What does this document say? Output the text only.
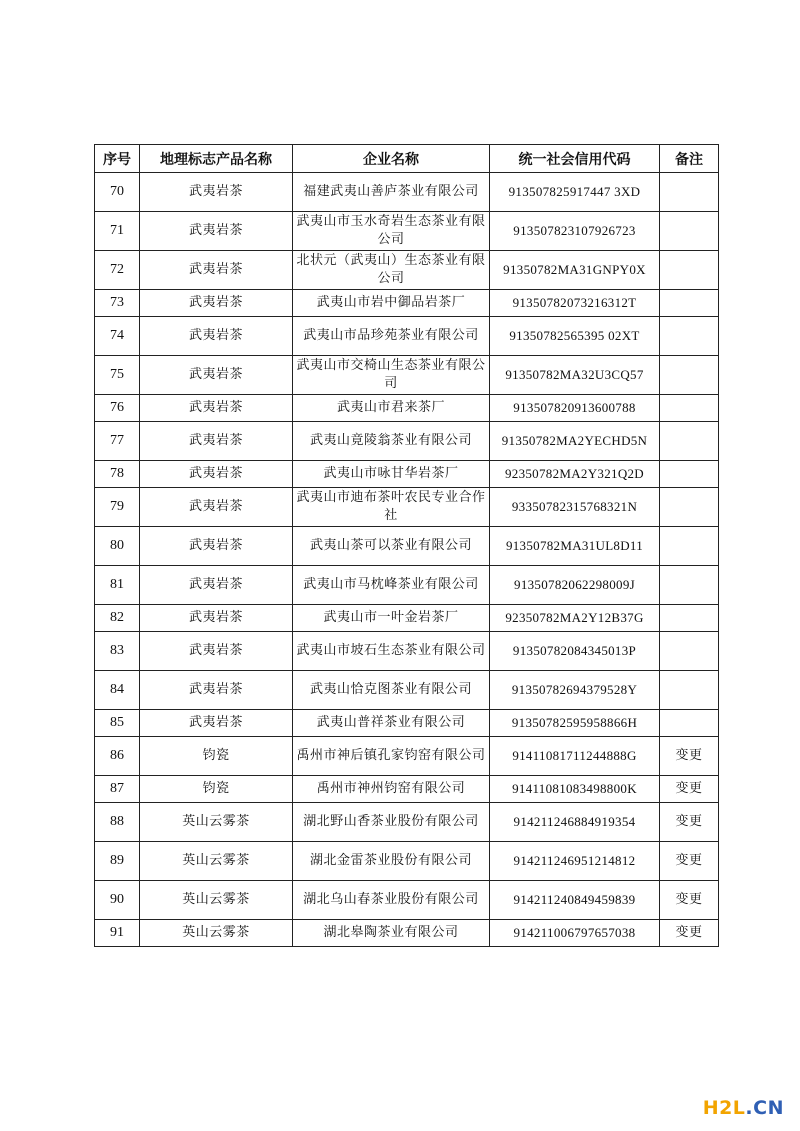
序号	地理标志产品名称	企业名称	统一社会信用代码	备注
70	武夷岩茶	福建武夷山善庐茶业有限公司	913507825917447 3XD	
71	武夷岩茶	武夷山市玉水奇岩生态茶业有限公司	913507823107926723	
72	武夷岩茶	北状元（武夷山）生态茶业有限公司	91350782MA31GNPY0X	
73	武夷岩茶	武夷山市岩中御品岩茶厂	91350782073216312T	
74	武夷岩茶	武夷山市品珍苑茶业有限公司	91350782565395 02XT	
75	武夷岩茶	武夷山市交椅山生态茶业有限公司	91350782MA32U3CQ57	
76	武夷岩茶	武夷山市君来茶厂	913507820913600788	
77	武夷岩茶	武夷山竟陵翁茶业有限公司	91350782MA2YECHD5N	
78	武夷岩茶	武夷山市咏甘华岩茶厂	92350782MA2Y321Q2D	
79	武夷岩茶	武夷山市迪布茶叶农民专业合作社	93350782315768321N	
80	武夷岩茶	武夷山茶可以茶业有限公司	91350782MA31UL8D11	
81	武夷岩茶	武夷山市马枕峰茶业有限公司	91350782062298009J	
82	武夷岩茶	武夷山市一叶金岩茶厂	92350782MA2Y12B37G	
83	武夷岩茶	武夷山市坡石生态茶业有限公司	91350782084345013P	
84	武夷岩茶	武夷山恰克图茶业有限公司	91350782694379528Y	
85	武夷岩茶	武夷山普祥茶业有限公司	91350782595958866H	
86	钧瓷	禹州市神后镇孔家钧窑有限公司	91411081711244888G	变更
87	钧瓷	禹州市神州钧窑有限公司	91411081083498800K	变更
88	英山云雾茶	湖北野山香茶业股份有限公司	914211246884919354	变更
89	英山云雾茶	湖北金雷茶业股份有限公司	914211246951214812	变更
90	英山云雾茶	湖北乌山春茶业股份有限公司	914211240849459839	变更
91	英山云雾茶	湖北皋陶茶业有限公司	914211006797657038	变更
H2L.CN
